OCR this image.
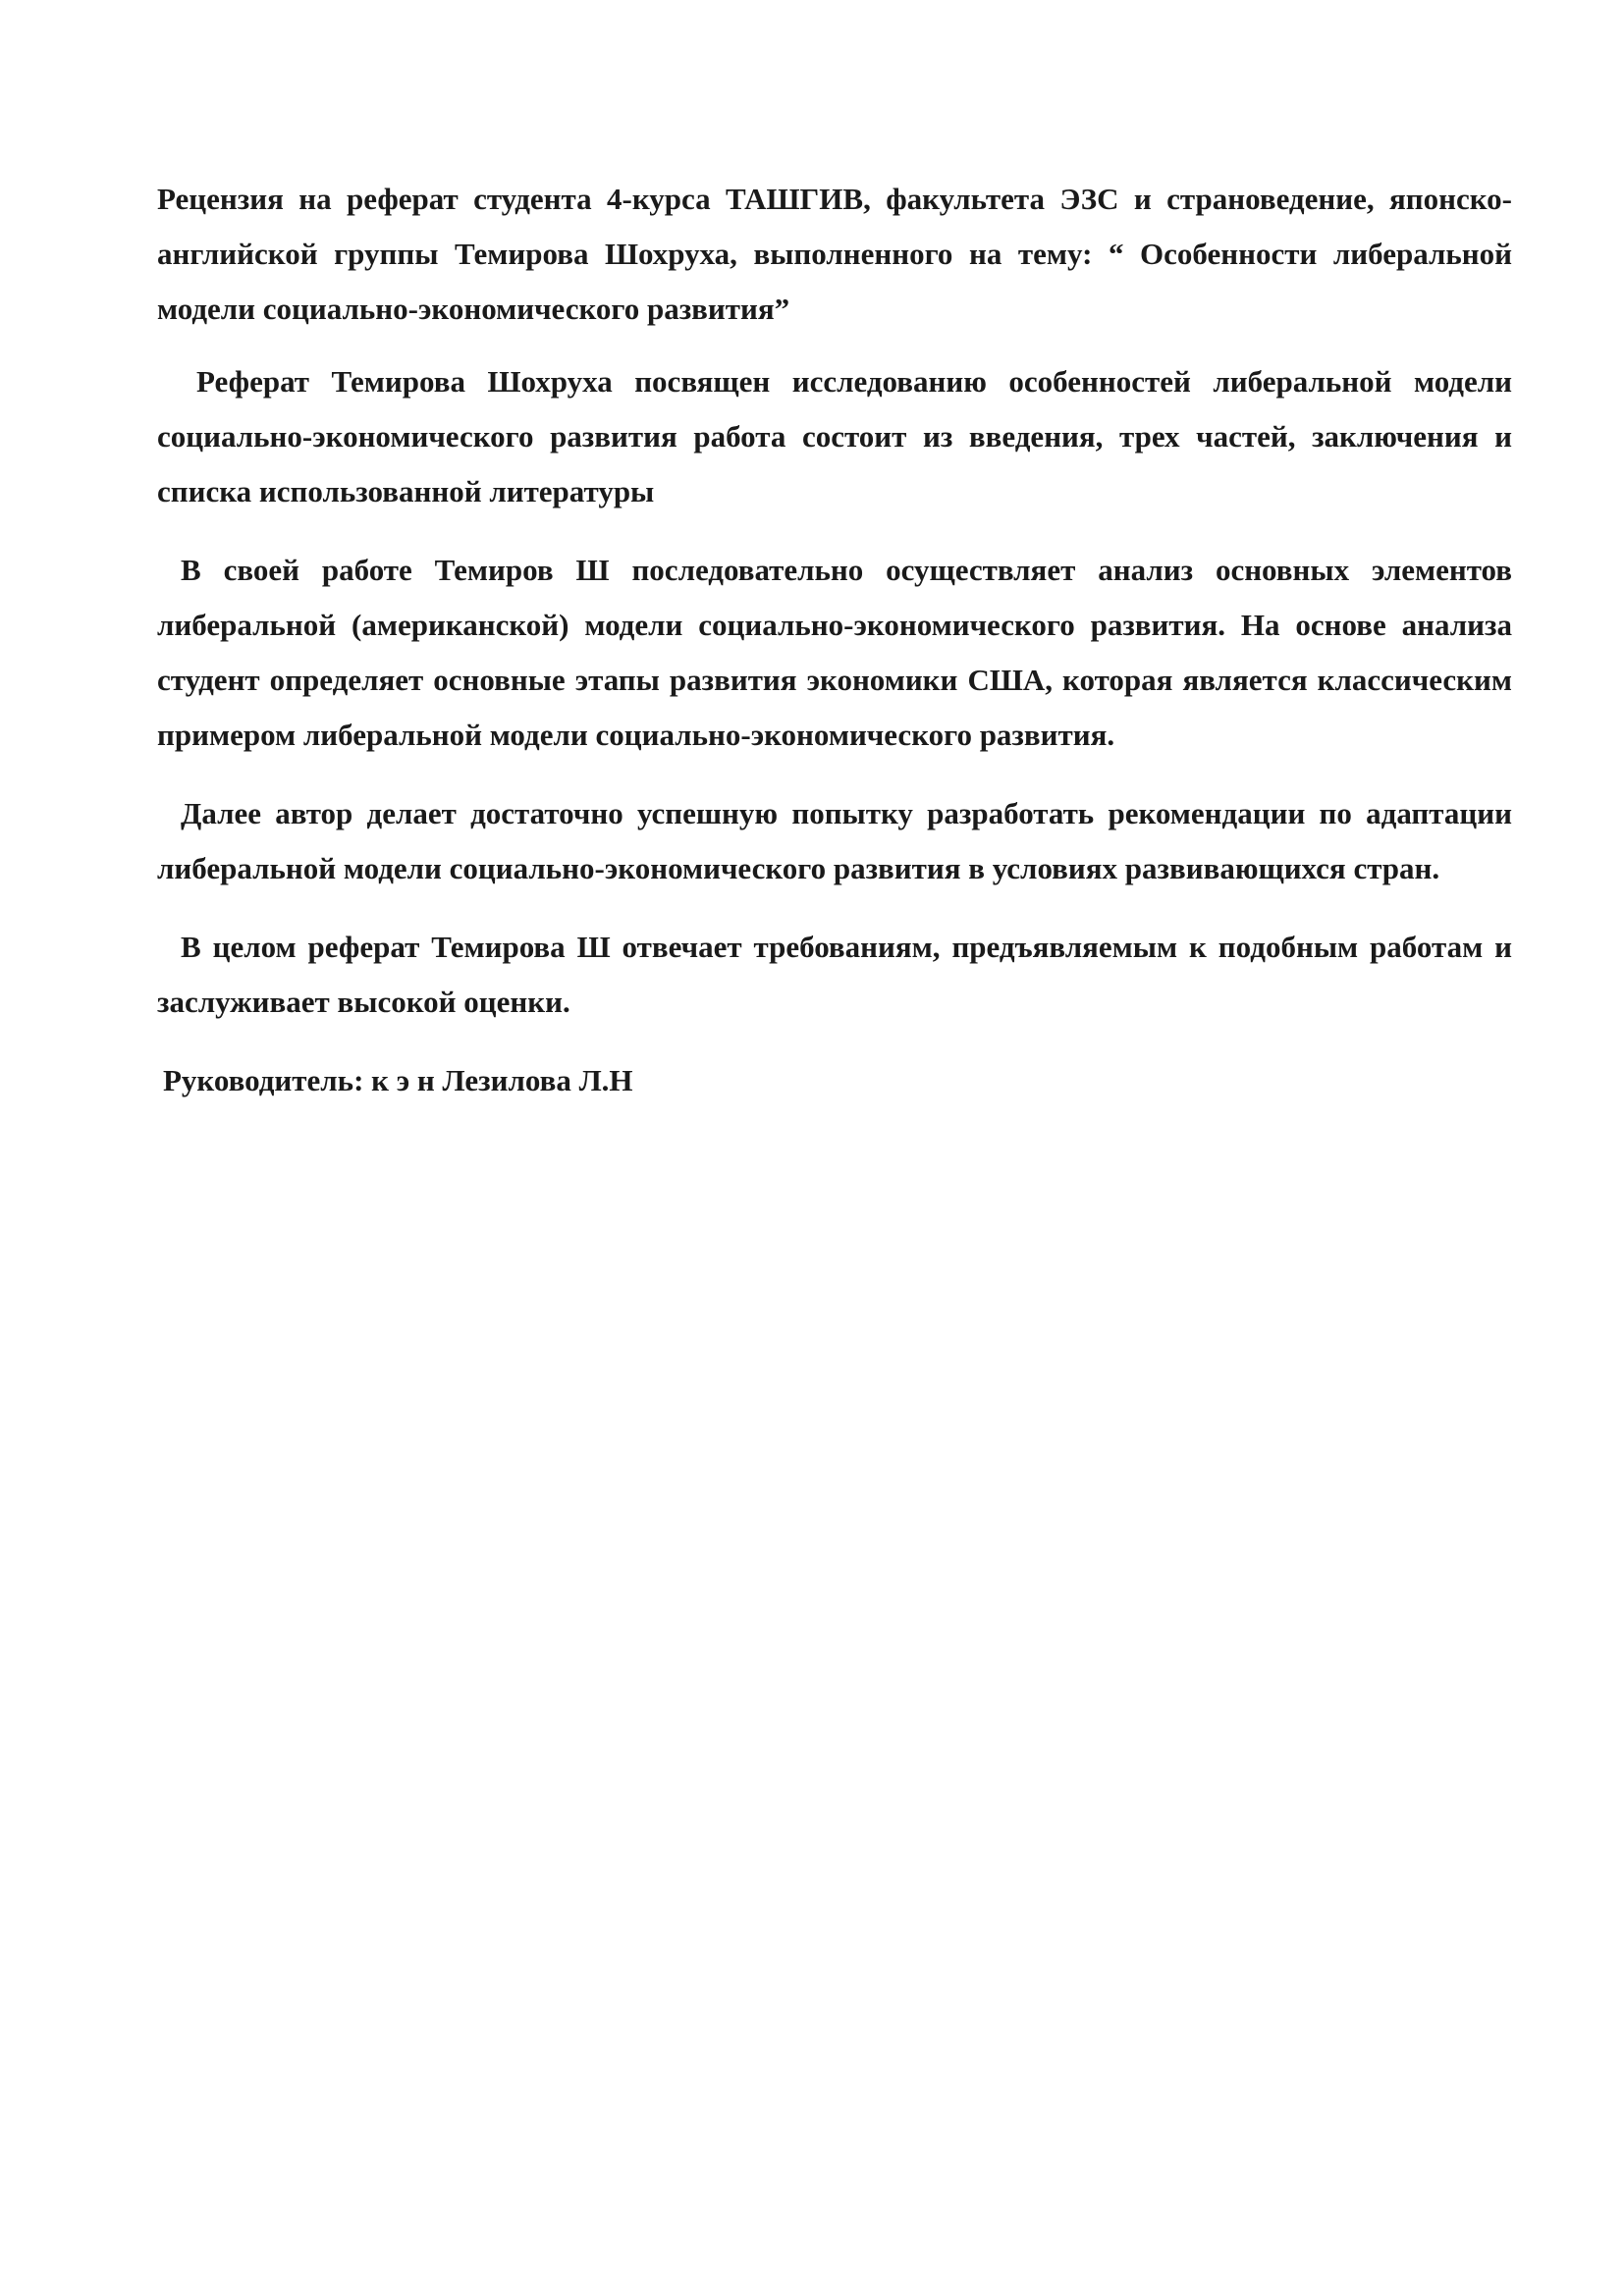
Рецензия на реферат студента 4-курса ТАШГИВ, факультета ЭЗС и страноведение, японско-английской группы Темирова Шохруха, выполненного на тему: “ Особенности либеральной модели социально-экономического развития”

Реферат Темирова Шохруха посвящен исследованию особенностей либеральной модели социально-экономического развития работа состоит из введения, трех частей, заключения и списка использованной литературы

В своей работе Темиров Ш последовательно осуществляет анализ основных элементов либеральной (американской) модели социально-экономического развития. На основе анализа студент определяет основные этапы развития экономики США, которая является классическим примером либеральной модели социально-экономического развития.

Далее автор делает достаточно успешную попытку разработать рекомендации по адаптации либеральной модели социально-экономического развития в условиях развивающихся стран.

В целом реферат Темирова Ш отвечает требованиям, предъявляемым к подобным работам и заслуживает высокой оценки.

Руководитель: к э н Лезилова Л.Н
